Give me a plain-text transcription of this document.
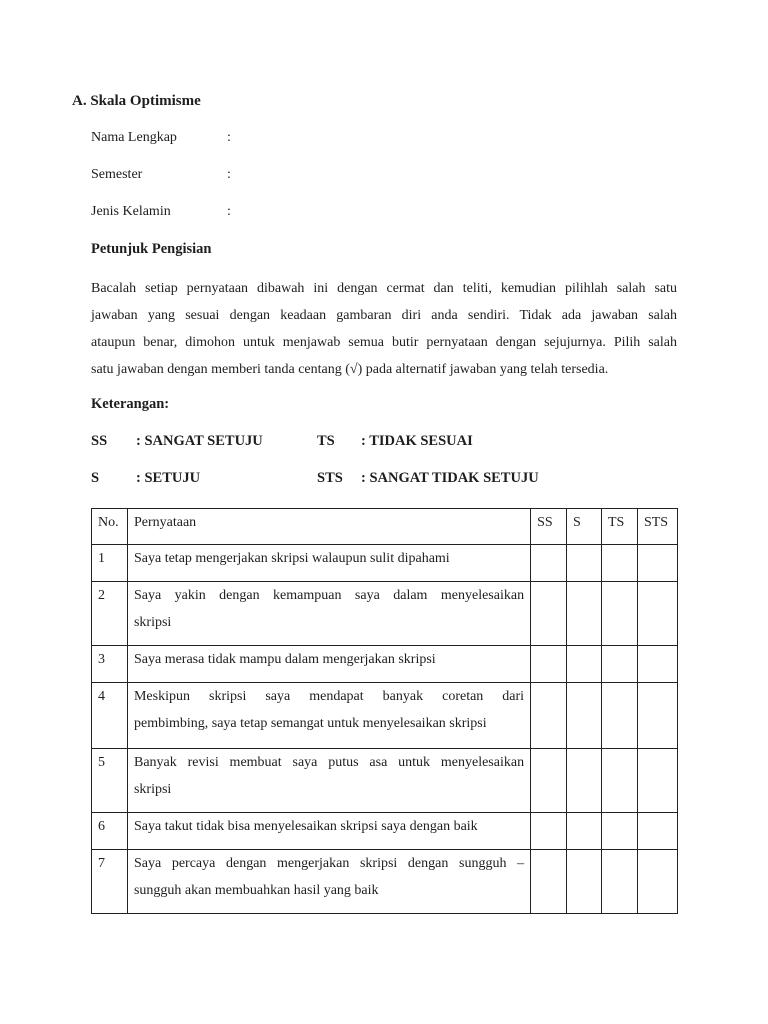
A. Skala Optimisme
Nama Lengkap	:
Semester	:
Jenis Kelamin	:
Petunjuk Pengisian
Bacalah setiap pernyataan dibawah ini dengan cermat dan teliti, kemudian pilihlah salah satu
jawaban yang sesuai dengan keadaan gambaran diri anda sendiri. Tidak ada jawaban salah
ataupun benar, dimohon untuk menjawab semua butir pernyataan dengan sejujurnya. Pilih salah
satu jawaban dengan memberi tanda centang (√) pada alternatif jawaban yang telah tersedia.
Keterangan:
SS : SANGAT SETUJU	TS : TIDAK SESUAI
S	: SETUJU	STS : SANGAT TIDAK SETUJU
No.	Pernyataan	SS	S	TS	STS
1	Saya tetap mengerjakan skripsi walaupun sulit dipahami				

2	Saya yakin dengan kemampuan saya dalam menyelesaikan
skripsi				

3	Saya merasa tidak mampu dalam mengerjakan skripsi				

4	Meskipun skripsi saya mendapat banyak coretan dari
pembimbing, saya tetap semangat untuk menyelesaikan skripsi				

5	Banyak revisi membuat saya putus asa untuk menyelesaikan
skripsi				

6	Saya takut tidak bisa menyelesaikan skripsi saya dengan baik				

7	Saya percaya dengan mengerjakan skripsi dengan sungguh –
sungguh akan membuahkan hasil yang baik				
